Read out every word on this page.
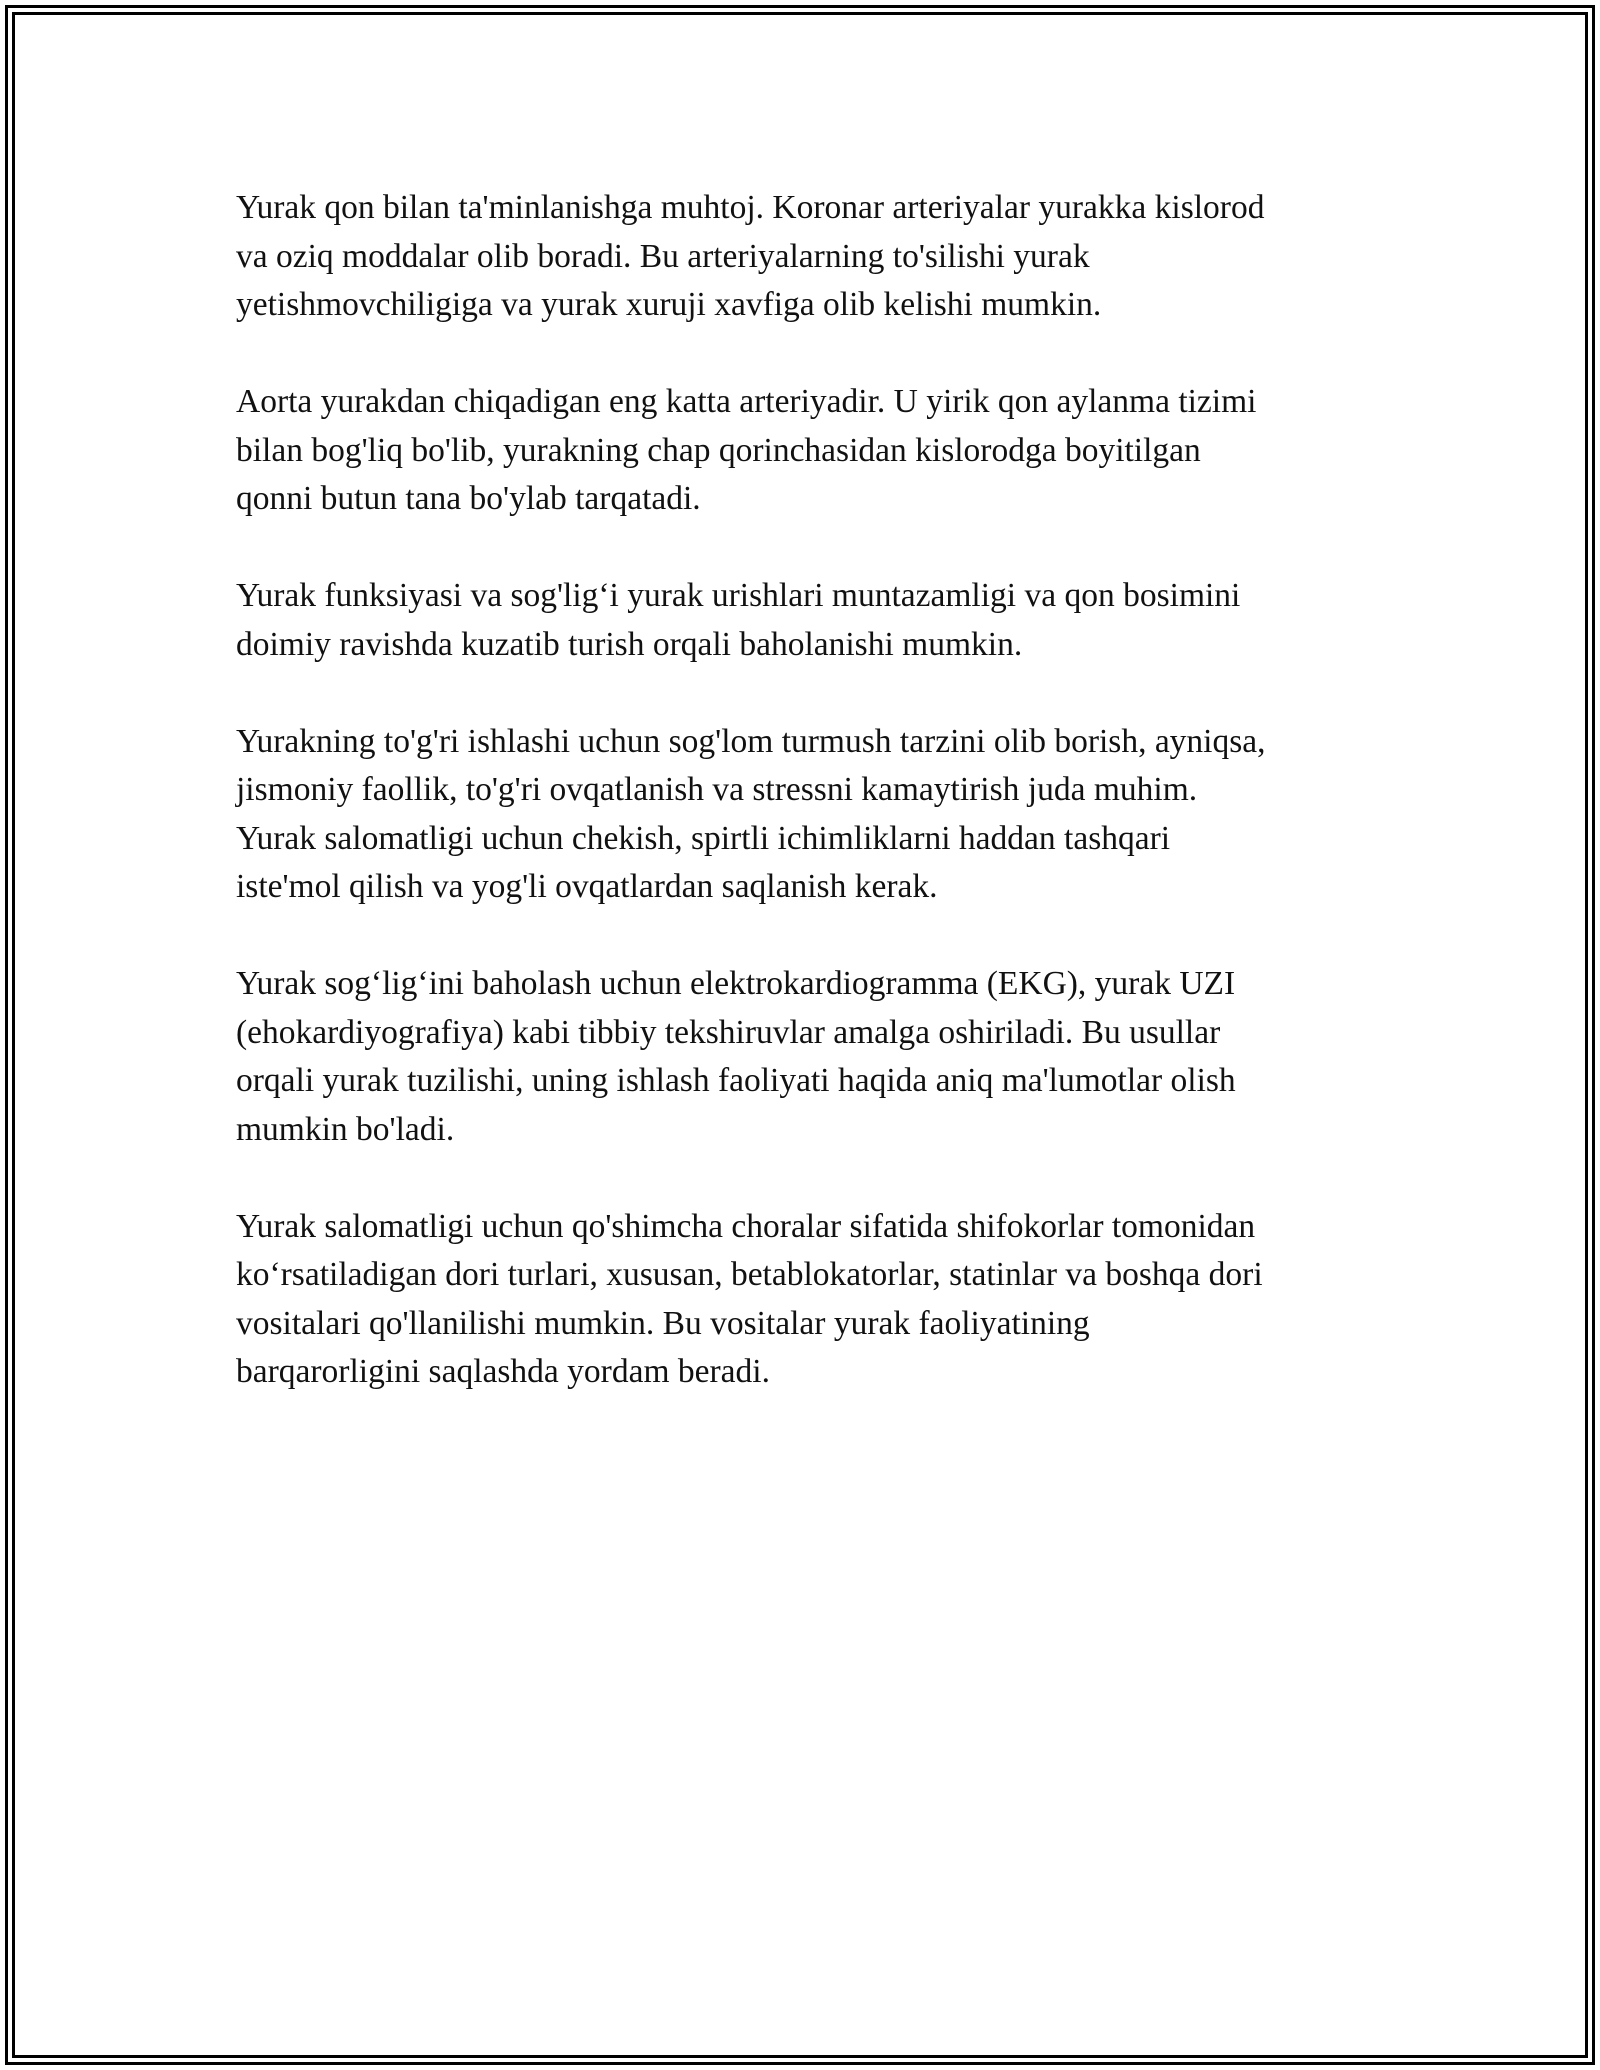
Yurak qon bilan ta'minlanishga muhtoj. Koronar arteriyalar yurakka kislorod
va oziq moddalar olib boradi. Bu arteriyalarning to'silishi yurak
yetishmovchiligiga va yurak xuruji xavfiga olib kelishi mumkin.

Aorta yurakdan chiqadigan eng katta arteriyadir. U yirik qon aylanma tizimi
bilan bog'liq bo'lib, yurakning chap qorinchasidan kislorodga boyitilgan
qonni butun tana bo'ylab tarqatadi.

Yurak funksiyasi va sog'lig‘i yurak urishlari muntazamligi va qon bosimini
doimiy ravishda kuzatib turish orqali baholanishi mumkin.

Yurakning to'g'ri ishlashi uchun sog'lom turmush tarzini olib borish, ayniqsa,
jismoniy faollik, to'g'ri ovqatlanish va stressni kamaytirish juda muhim.
Yurak salomatligi uchun chekish, spirtli ichimliklarni haddan tashqari
iste'mol qilish va yog'li ovqatlardan saqlanish kerak.

Yurak sog‘lig‘ini baholash uchun elektrokardiogramma (EKG), yurak UZI
(ehokardiyografiya) kabi tibbiy tekshiruvlar amalga oshiriladi. Bu usullar
orqali yurak tuzilishi, uning ishlash faoliyati haqida aniq ma'lumotlar olish
mumkin bo'ladi.

Yurak salomatligi uchun qo'shimcha choralar sifatida shifokorlar tomonidan
ko‘rsatiladigan dori turlari, xususan, betablokatorlar, statinlar va boshqa dori
vositalari qo'llanilishi mumkin. Bu vositalar yurak faoliyatining
barqarorligini saqlashda yordam beradi.
